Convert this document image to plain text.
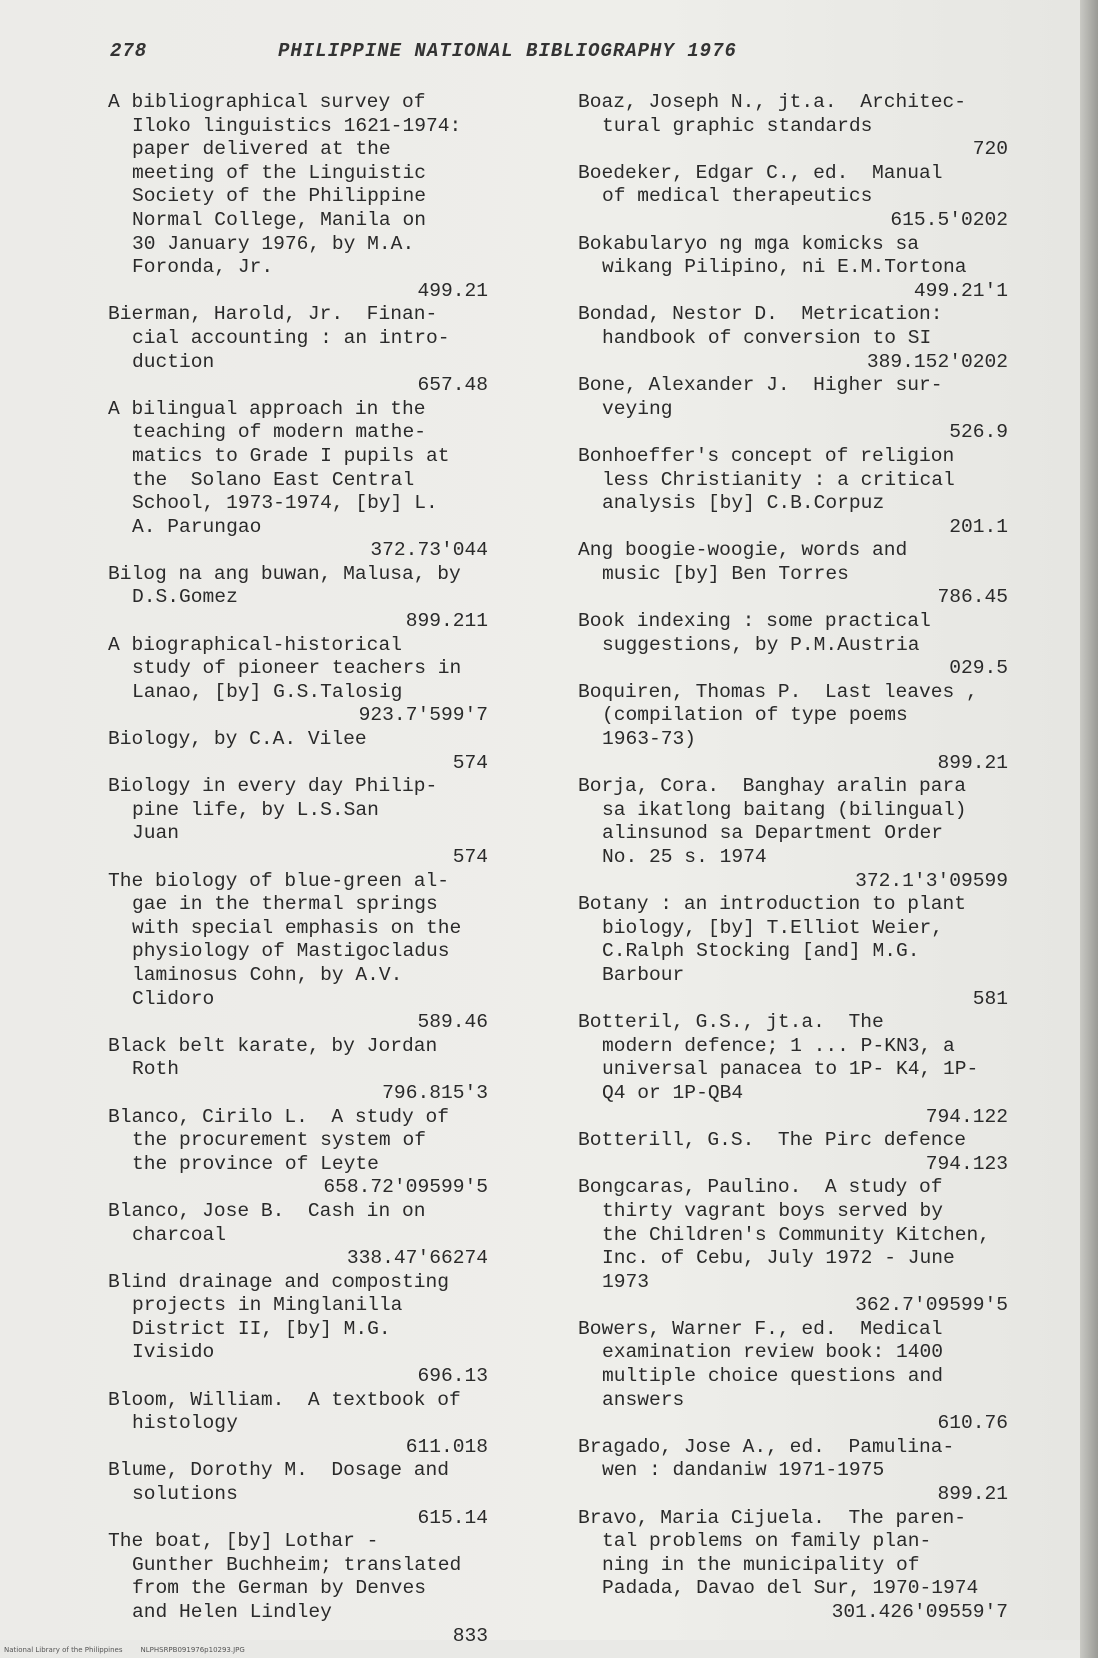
278	PHILIPPINE NATIONAL BIBLIOGRAPHY 1976
A bibliographical survey of
Iloko linguistics 1621-1974:
paper delivered at the
meeting of the Linguistic
Society of the Philippine
Normal College, Manila on
30 January 1976, by M.A.
Foronda, Jr.
499.21
Bierman, Harold, Jr.  Finan-
cial accounting : an intro-
duction
657.48
A bilingual approach in the
teaching of modern mathe-
matics to Grade I pupils at
the  Solano East Central
School, 1973-1974, [by] L.
A. Parungao
372.73'044
Bilog na ang buwan, Malusa, by
D.S.Gomez
899.211
A biographical-historical
study of pioneer teachers in
Lanao, [by] G.S.Talosig
923.7'599'7
Biology, by C.A. Vilee
574
Biology in every day Philip-
pine life, by L.S.San
Juan
574
The biology of blue-green al-
gae in the thermal springs
with special emphasis on the
physiology of Mastigocladus
laminosus Cohn, by A.V.
Clidoro
589.46
Black belt karate, by Jordan
Roth
796.815'3
Blanco, Cirilo L.  A study of
the procurement system of
the province of Leyte
658.72'09599'5
Blanco, Jose B.  Cash in on
charcoal
338.47'66274
Blind drainage and composting
projects in Minglanilla
District II, [by] M.G.
Ivisido
696.13
Bloom, William.  A textbook of
histology
611.018
Blume, Dorothy M.  Dosage and
solutions
615.14
The boat, [by] Lothar -
Gunther Buchheim; translated
from the German by Denves
and Helen Lindley
833
Boaz, Joseph N., jt.a.  Architec-
tural graphic standards
720
Boedeker, Edgar C., ed.  Manual
of medical therapeutics
615.5'0202
Bokabularyo ng mga komicks sa
wikang Pilipino, ni E.M.Tortona
499.21'1
Bondad, Nestor D.  Metrication:
handbook of conversion to SI
389.152'0202
Bone, Alexander J.  Higher sur-
veying
526.9
Bonhoeffer's concept of religion
less Christianity : a critical
analysis [by] C.B.Corpuz
201.1
Ang boogie-woogie, words and
music [by] Ben Torres
786.45
Book indexing : some practical
suggestions, by P.M.Austria
029.5
Boquiren, Thomas P.  Last leaves ,
(compilation of type poems
1963-73)
899.21
Borja, Cora.  Banghay aralin para
sa ikatlong baitang (bilingual)
alinsunod sa Department Order
No. 25 s. 1974
372.1'3'09599
Botany : an introduction to plant
biology, [by] T.Elliot Weier,
C.Ralph Stocking [and] M.G.
Barbour
581
Botteril, G.S., jt.a.  The
modern defence; 1 ... P-KN3, a
universal panacea to 1P- K4, 1P-
Q4 or 1P-QB4
794.122
Botterill, G.S.  The Pirc defence
794.123
Bongcaras, Paulino.  A study of
thirty vagrant boys served by
the Children's Community Kitchen,
Inc. of Cebu, July 1972 - June
1973
362.7'09599'5
Bowers, Warner F., ed.  Medical
examination review book: 1400
multiple choice questions and
answers
610.76
Bragado, Jose A., ed.  Pamulina-
wen : dandaniw 1971-1975
899.21
Bravo, Maria Cijuela.  The paren-
tal problems on family plan-
ning in the municipality of
Padada, Davao del Sur, 1970-1974
301.426'09559'7
National Library of the Philippines	NLPHSRPB091976p10293.JPG
